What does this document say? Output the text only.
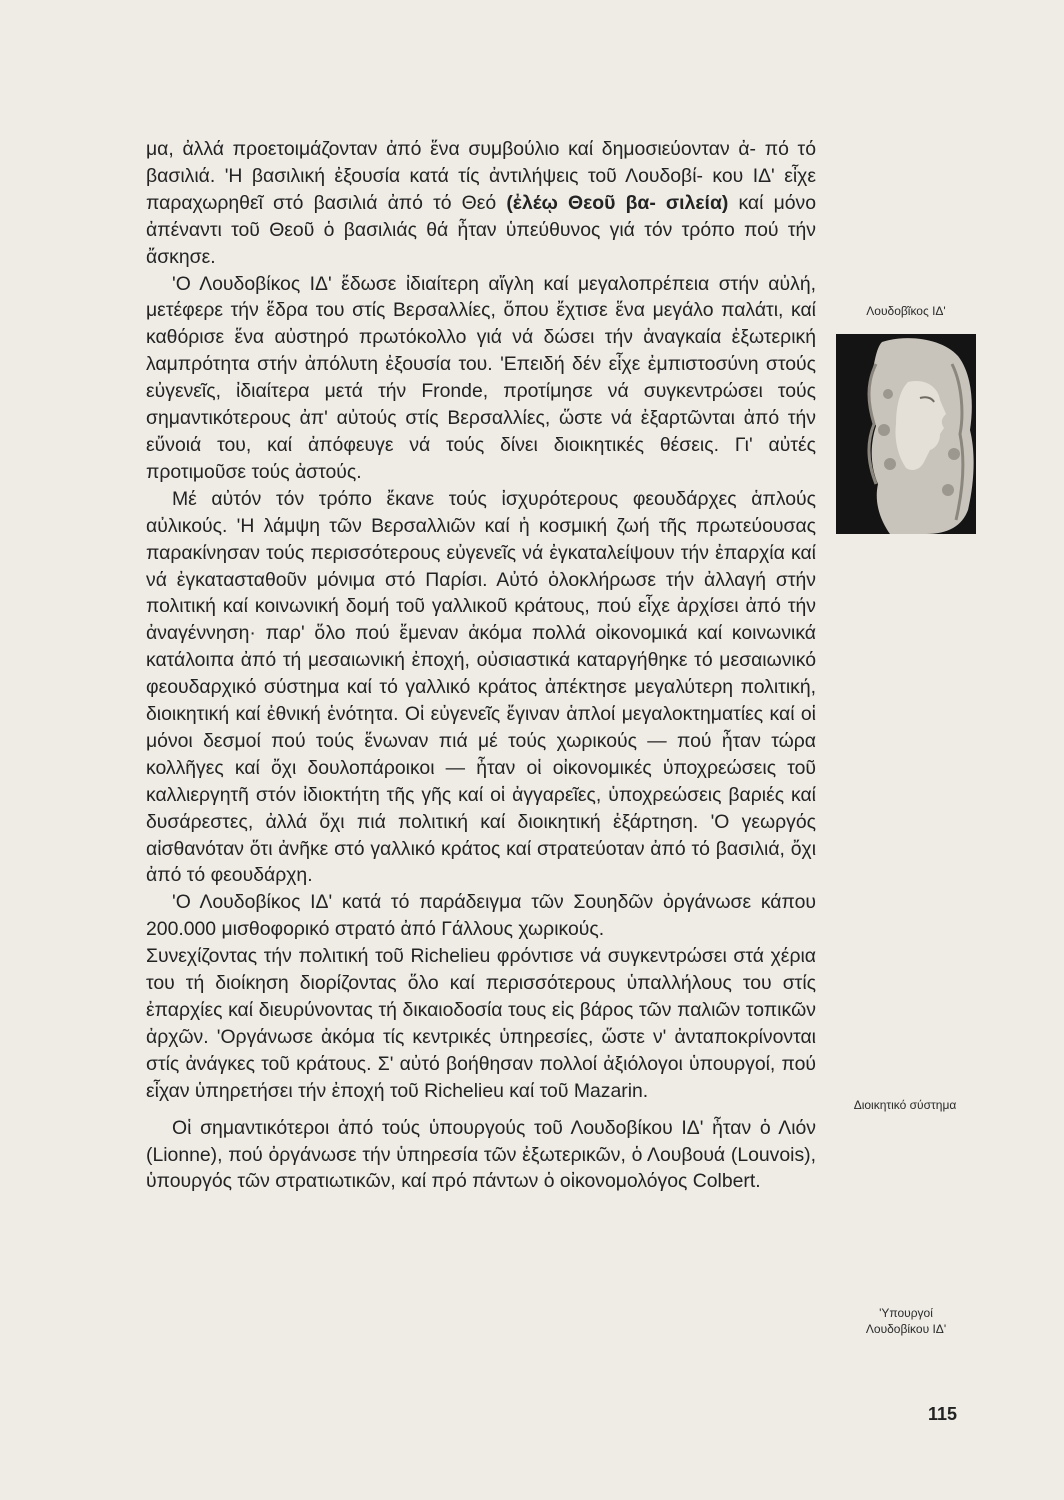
μα, ἀλλά προετοιμάζονταν ἀπό ἕνα συμβούλιο καί δημοσιεύονταν ἀ- πό τό βασιλιά. 'Η βασιλική ἐξουσία κατά τίς ἀντιλήψεις τοῦ Λουδοβί- κου ΙΔ' εἶχε παραχωρηθεῖ στό βασιλιά ἀπό τό Θεό (ἐλέῳ Θεοῦ βα- σιλεία) καί μόνο ἀπέναντι τοῦ Θεοῦ ὁ βασιλιάς θά ἦταν ὑπεύθυνος γιά τόν τρόπο πού τήν ἄσκησε.

'Ο Λουδοβίκος ΙΔ' ἔδωσε ἰδιαίτερη αἴγλη καί μεγαλοπρέπεια στήν αὐλή, μετέφερε τήν ἕδρα του στίς Βερσαλλίες, ὅπου ἔχτισε ἕνα μεγάλο παλάτι, καί καθόρισε ἕνα αὐστηρό πρωτόκολλο γιά νά δώσει τήν ἀναγκαία ἐξωτερική λαμπρότητα στήν ἀπόλυτη ἐξουσία του. 'Επειδή δέν εἶχε ἐμπιστοσύνη στούς εὐγενεῖς, ἰδιαίτερα μετά τήν Fronde, προτίμησε νά συγκεντρώσει τούς σημαντικότερους ἀπ' αὐτούς στίς Βερσαλλίες, ὥστε νά ἐξαρτῶνται ἀπό τήν εὔνοιά του, καί ἀπόφευγε νά τούς δίνει διοικητικές θέσεις. Γι' αὐτές προτιμοῦσε τούς ἀστούς.

Μέ αὐτόν τόν τρόπο ἔκανε τούς ἰσχυρότερους φεουδάρχες ἁπλούς αὐλικούς. 'Η λάμψη τῶν Βερσαλλιῶν καί ἡ κοσμική ζωή τῆς πρωτεύουσας παρακίνησαν τούς περισσότερους εὐγενεῖς νά ἐγκαταλείψουν τήν ἐπαρχία καί νά ἐγκατασταθοῦν μόνιμα στό Παρίσι. Αὐτό ὁλοκλήρωσε τήν ἀλλαγή στήν πολιτική καί κοινωνική δομή τοῦ γαλλικοῦ κράτους, πού εἶχε ἀρχίσει ἀπό τήν ἀναγέννηση· παρ' ὅλο πού ἔμεναν ἀκόμα πολλά οἰκονομικά καί κοινωνικά κατάλοιπα ἀπό τή μεσαιωνική ἐποχή, οὐσιαστικά καταργήθηκε τό μεσαιωνικό φεουδαρχικό σύστημα καί τό γαλλικό κράτος ἀπέκτησε μεγαλύτερη πολιτική, διοικητική καί ἐθνική ἑνότητα. Οἱ εὐγενεῖς ἔγιναν ἁπλοί μεγαλοκτηματίες καί οἱ μόνοι δεσμοί πού τούς ἕνωναν πιά μέ τούς χωρικούς — πού ἦταν τώρα κολλῆγες καί ὄχι δουλοπάροικοι — ἦταν οἱ οἰκονομικές ὑποχρεώσεις τοῦ καλλιεργητῆ στόν ἰδιοκτήτη τῆς γῆς καί οἱ ἀγγαρεῖες, ὑποχρεώσεις βαριές καί δυσάρεστες, ἀλλά ὄχι πιά πολιτική καί διοικητική ἐξάρτηση. 'Ο γεωργός αἰσθανόταν ὅτι ἀνῆκε στό γαλλικό κράτος καί στρατεύοταν ἀπό τό βασιλιά, ὄχι ἀπό τό φεουδάρχη.

'Ο Λουδοβίκος ΙΔ' κατά τό παράδειγμα τῶν Σουηδῶν ὀργάνωσε κάπου 200.000 μισθοφορικό στρατό ἀπό Γάλλους χωρικούς.

Συνεχίζοντας τήν πολιτική τοῦ Richelieu φρόντισε νά συγκεντρώσει στά χέρια του τή διοίκηση διορίζοντας ὅλο καί περισσότερους ὑπαλλήλους του στίς ἐπαρχίες καί διευρύνοντας τή δικαιοδοσία τους εἰς βάρος τῶν παλιῶν τοπικῶν ἀρχῶν. 'Οργάνωσε ἀκόμα τίς κεντρικές ὑπηρεσίες, ὥστε ν' ἀνταποκρίνονται στίς ἀνάγκες τοῦ κράτους. Σ' αὐτό βοήθησαν πολλοί ἀξιόλογοι ὑπουργοί, πού εἶχαν ὑπηρετήσει τήν ἐποχή τοῦ Richelieu καί τοῦ Mazarin.

Οἱ σημαντικότεροι ἀπό τούς ὑπουργούς τοῦ Λουδοβίκου ΙΔ' ἦταν ὁ Λιόν (Lionne), πού ὀργάνωσε τήν ὑπηρεσία τῶν ἐξωτερικῶν, ὁ Λουβουά (Louvois), ὑπουργός τῶν στρατιωτικῶν, καί πρό πάντων ὁ οἰκονομολόγος Colbert.

Λουδοβῖκος ΙΔ'
Διοικητικό σύστημα
'Υπουργοί
Λουδοβίκου ΙΔ'
115
